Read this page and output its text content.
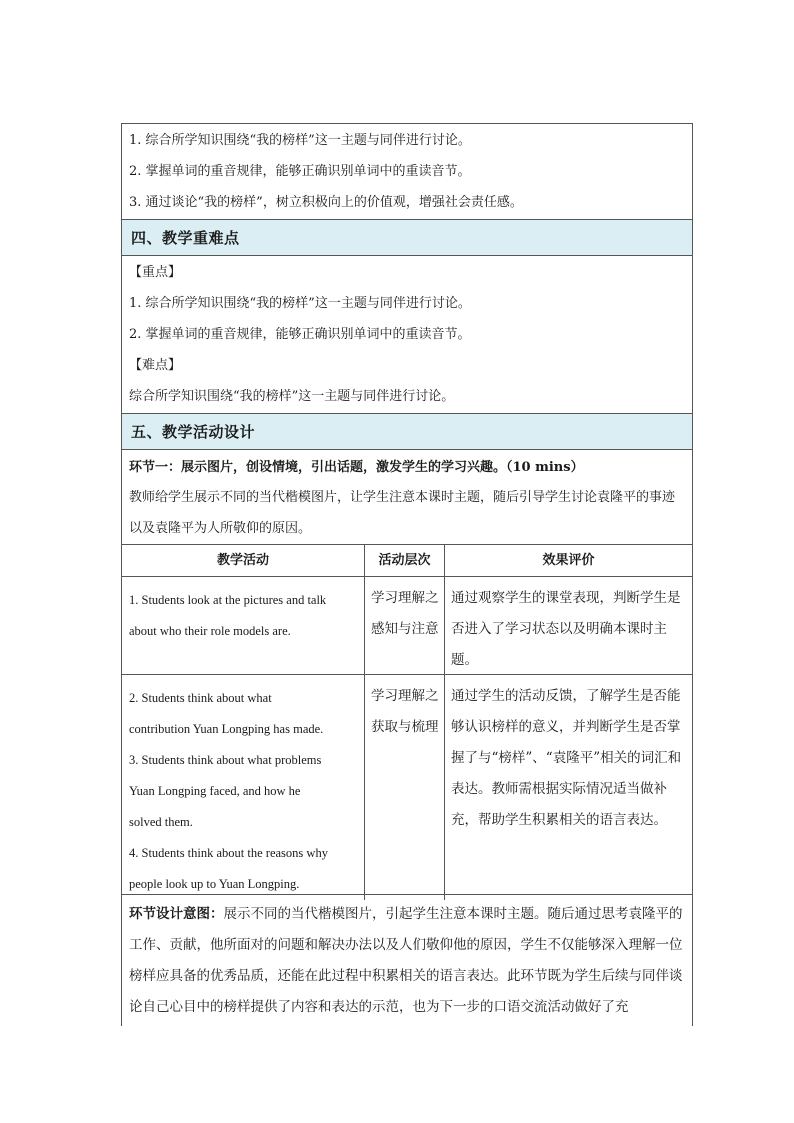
1. 综合所学知识围绕“我的榜样”这一主题与同伴进行讨论。
2. 掌握单词的重音规律，能够正确识别单词中的重读音节。
3. 通过谈论“我的榜样”，树立积极向上的价值观，增强社会责任感。
四、教学重难点
【重点】
1. 综合所学知识围绕“我的榜样”这一主题与同伴进行讨论。
2. 掌握单词的重音规律，能够正确识别单词中的重读音节。
【难点】
综合所学知识围绕“我的榜样”这一主题与同伴进行讨论。
五、教学活动设计
环节一：展示图片，创设情境，引出话题，激发学生的学习兴趣。（10 mins）
教师给学生展示不同的当代楷模图片，让学生注意本课时主题，随后引导学生讨论袁隆平的事迹以及袁隆平为人所敬仰的原因。
教学活动	活动层次	效果评价
1. Students look at the pictures and talk
about who their role models are.
学习理解之感知与注意
通过观察学生的课堂表现，判断学生是否进入了学习状态以及明确本课时主题。
2. Students think about what
contribution Yuan Longping has made.
3. Students think about what problems
Yuan Longping faced, and how he
solved them.
4. Students think about the reasons why
people look up to Yuan Longping.
学习理解之获取与梳理
通过学生的活动反馈，了解学生是否能够认识榜样的意义，并判断学生是否掌握了与“榜样”、“袁隆平”相关的词汇和表达。教师需根据实际情况适当做补充，帮助学生积累相关的语言表达。
环节设计意图：展示不同的当代楷模图片，引起学生注意本课时主题。随后通过思考袁隆平的工作、贡献，他所面对的问题和解决办法以及人们敬仰他的原因，学生不仅能够深入理解一位榜样应具备的优秀品质，还能在此过程中积累相关的语言表达。此环节既为学生后续与同伴谈论自己心目中的榜样提供了内容和表达的示范，也为下一步的口语交流活动做好了充
